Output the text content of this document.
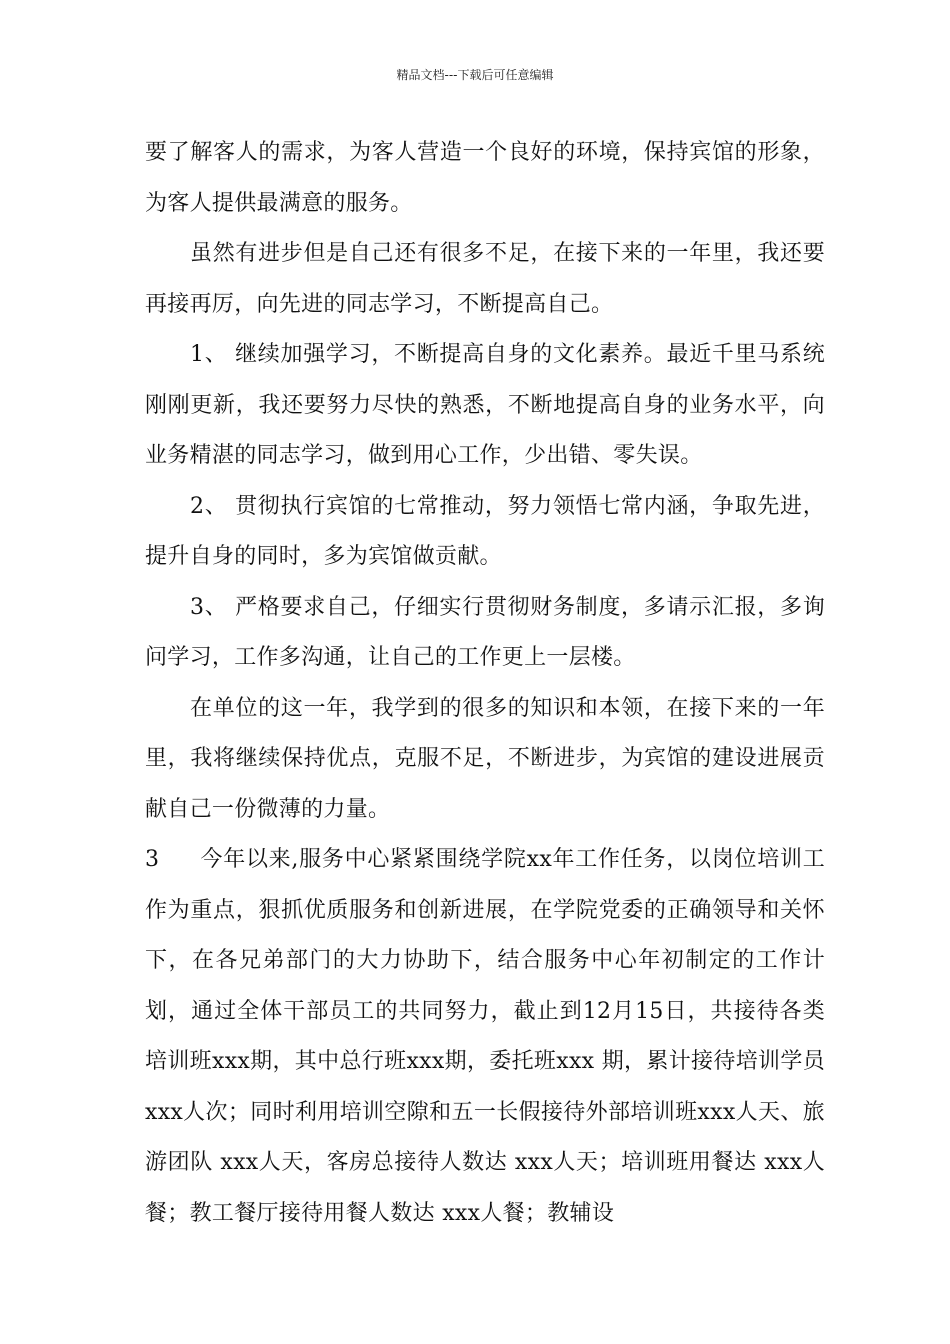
精品文档---下载后可任意编辑

要了解客人的需求，为客人营造一个良好的环境，保持宾馆的形象，为客人提供最满意的服务。

虽然有进步但是自己还有很多不足，在接下来的一年里，我还要再接再厉，向先进的同志学习，不断提高自己。

1、 继续加强学习，不断提高自身的文化素养。最近千里马系统刚刚更新，我还要努力尽快的熟悉，不断地提高自身的业务水平，向业务精湛的同志学习，做到用心工作，少出错、零失误。

2、 贯彻执行宾馆的七常推动，努力领悟七常内涵，争取先进，提升自身的同时，多为宾馆做贡献。

3、 严格要求自己，仔细实行贯彻财务制度，多请示汇报，多询问学习，工作多沟通，让自己的工作更上一层楼。

在单位的这一年，我学到的很多的知识和本领，在接下来的一年里，我将继续保持优点，克服不足，不断进步，为宾馆的建设进展贡献自己一份微薄的力量。

3 今年以来,服务中心紧紧围绕学院xx年工作任务，以岗位培训工作为重点，狠抓优质服务和创新进展，在学院党委的正确领导和关怀下，在各兄弟部门的大力协助下，结合服务中心年初制定的工作计划，通过全体干部员工的共同努力，截止到12月15日，共接待各类培训班xxx期，其中总行班xxx期，委托班xxx 期，累计接待培训学员 xxx人次；同时利用培训空隙和五一长假接待外部培训班xxx人天、旅游团队 xxx人天，客房总接待人数达 xxx人天；培训班用餐达 xxx人餐；教工餐厅接待用餐人数达 xxx人餐；教辅设
